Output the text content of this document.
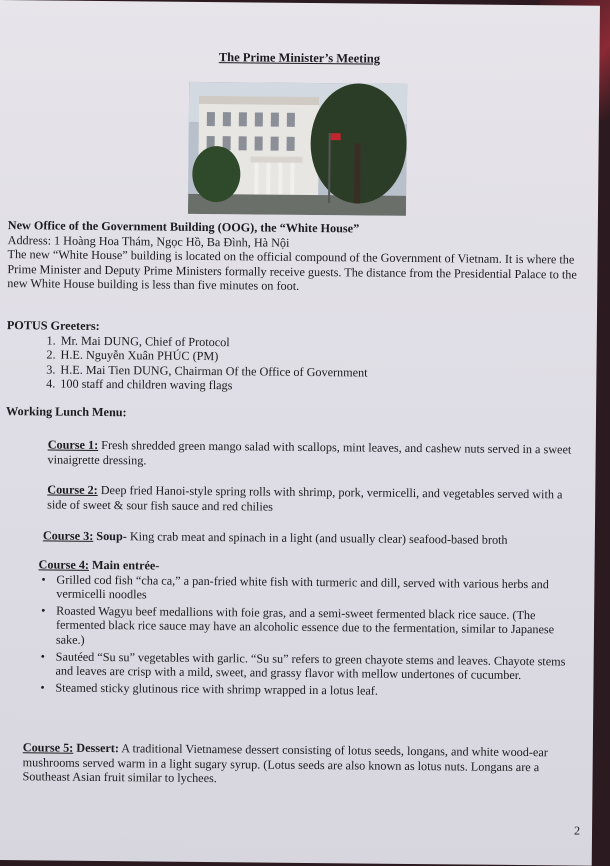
The Prime Minister’s Meeting
New Office of the Government Building (OOG), the “White House”
Address: 1 Hoàng Hoa Thám, Ngọc Hồ, Ba Đình, Hà Nội
The new “White House” building is located on the official compound of the Government of Vietnam. It is where the Prime Minister and Deputy Prime Ministers formally receive guests. The distance from the Presidential Palace to the new White House building is less than five minutes on foot.
POTUS Greeters:
1. Mr. Mai DUNG, Chief of Protocol
2. H.E. Nguyễn Xuân PHÚC (PM)
3. H.E. Mai Tien DUNG, Chairman Of the Office of Government
4. 100 staff and children waving flags
Working Lunch Menu:
Course 1: Fresh shredded green mango salad with scallops, mint leaves, and cashew nuts served in a sweet vinaigrette dressing.
Course 2: Deep fried Hanoi-style spring rolls with shrimp, pork, vermicelli, and vegetables served with a side of sweet & sour fish sauce and red chilies
Course 3: Soup- King crab meat and spinach in a light (and usually clear) seafood-based broth
Course 4: Main entrée-
• Grilled cod fish “cha ca,” a pan-fried white fish with turmeric and dill, served with various herbs and vermicelli noodles
• Roasted Wagyu beef medallions with foie gras, and a semi-sweet fermented black rice sauce. (The fermented black rice sauce may have an alcoholic essence due to the fermentation, similar to Japanese sake.)
• Sautéed “Su su” vegetables with garlic. “Su su” refers to green chayote stems and leaves. Chayote stems and leaves are crisp with a mild, sweet, and grassy flavor with mellow undertones of cucumber.
• Steamed sticky glutinous rice with shrimp wrapped in a lotus leaf.
Course 5: Dessert: A traditional Vietnamese dessert consisting of lotus seeds, longans, and white wood-ear mushrooms served warm in a light sugary syrup. (Lotus seeds are also known as lotus nuts. Longans are a Southeast Asian fruit similar to lychees.
2
